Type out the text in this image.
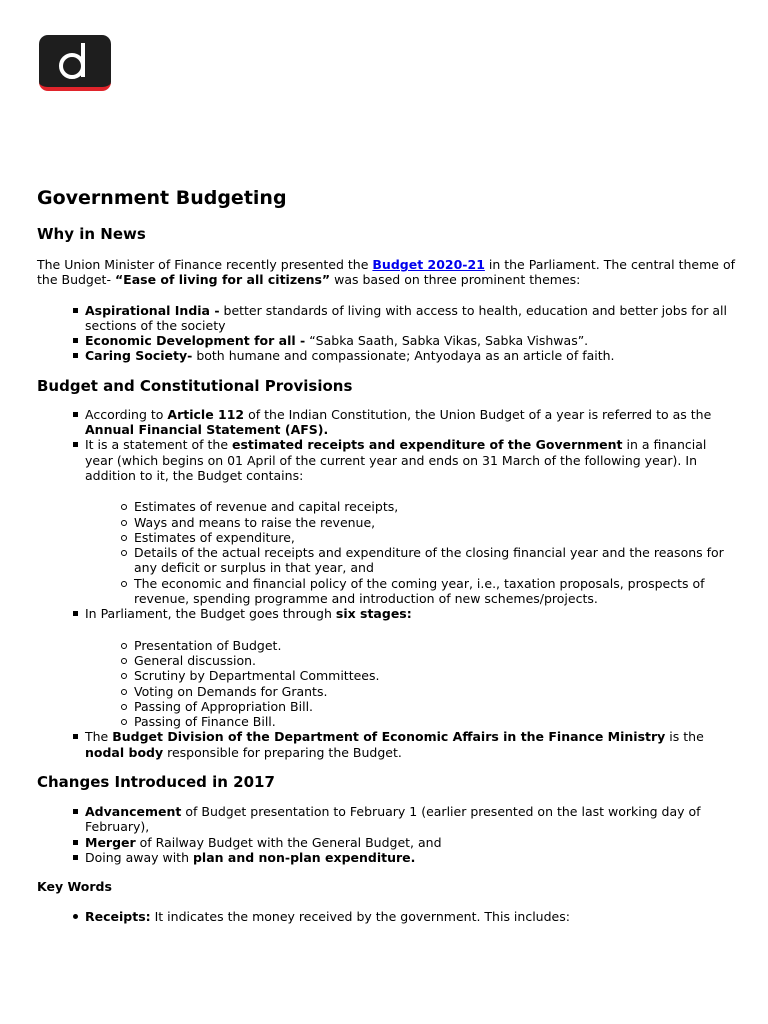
Government Budgeting
Why in News

The Union Minister of Finance recently presented the Budget 2020-21 in the Parliament. The central theme of the Budget- “Ease of living for all citizens” was based on three prominent themes:

Aspirational India - better standards of living with access to health, education and better jobs for all sections of the society
Economic Development for all - “Sabka Saath, Sabka Vikas, Sabka Vishwas”.
Caring Society- both humane and compassionate; Antyodaya as an article of faith.
Budget and Constitutional Provisions
According to Article 112 of the Indian Constitution, the Union Budget of a year is referred to as the Annual Financial Statement (AFS).
It is a statement of the estimated receipts and expenditure of the Government in a financial year (which begins on 01 April of the current year and ends on 31 March of the following year). In addition to it, the Budget contains:
Estimates of revenue and capital receipts,
Ways and means to raise the revenue,
Estimates of expenditure,
Details of the actual receipts and expenditure of the closing financial year and the reasons for any deficit or surplus in that year, and
The economic and financial policy of the coming year, i.e., taxation proposals, prospects of revenue, spending programme and introduction of new schemes/projects.
In Parliament, the Budget goes through six stages:
Presentation of Budget.
General discussion.
Scrutiny by Departmental Committees.
Voting on Demands for Grants.
Passing of Appropriation Bill.
Passing of Finance Bill.
The Budget Division of the Department of Economic Affairs in the Finance Ministry is the nodal body responsible for preparing the Budget.
Changes Introduced in 2017
Advancement of Budget presentation to February 1 (earlier presented on the last working day of February),
Merger of Railway Budget with the General Budget, and
Doing away with plan and non-plan expenditure.
Key Words
Receipts: It indicates the money received by the government. This includes:
